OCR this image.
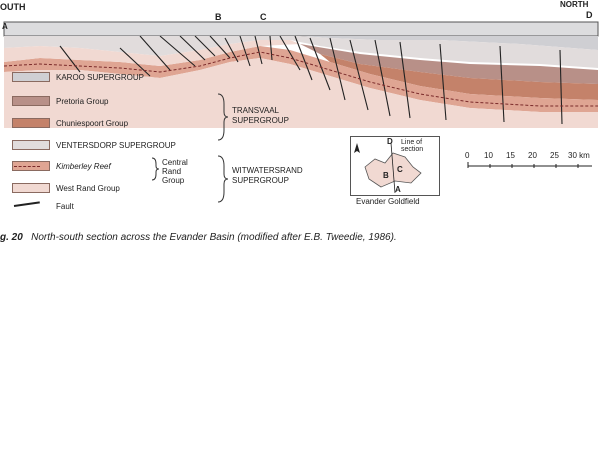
OUTH
B	C
NORTH
D
A
KAROO SUPERGROUP
Pretoria Group
Chuniespoort Group
VENTERSDORP SUPERGROUP
Kimberley Reef
West Rand Group
Fault
TRANSVAAL SUPERGROUP
Central Rand Group
WITWATERSRAND SUPERGROUP
D Line of section
B
C
A
Evander Goldfield
0 10 15 20 25 30 km
g. 20 North-south section across the Evander Basin (modified after E.B. Tweedie, 1986).
